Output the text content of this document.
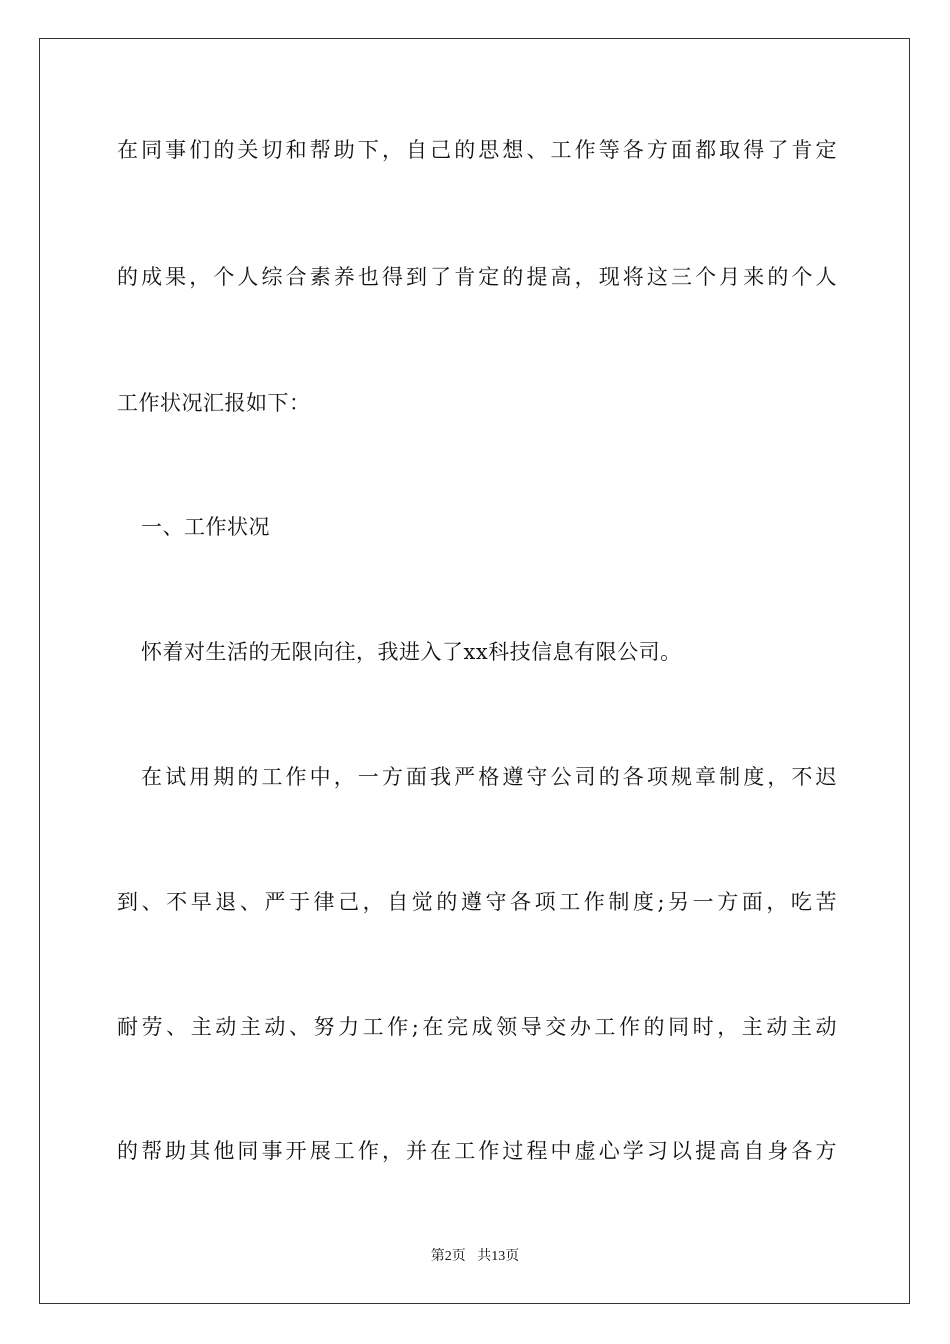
在同事们的关切和帮助下，自己的思想、工作等各方面都取得了肯定
的成果，个人综合素养也得到了肯定的提高，现将这三个月来的个人
工作状况汇报如下：
一、工作状况
怀着对生活的无限向往，我进入了xx科技信息有限公司。
在试用期的工作中，一方面我严格遵守公司的各项规章制度，不迟
到、不早退、严于律己，自觉的遵守各项工作制度;另一方面，吃苦
耐劳、主动主动、努力工作;在完成领导交办工作的同时，主动主动
的帮助其他同事开展工作，并在工作过程中虚心学习以提高自身各方
第2页 共13页
